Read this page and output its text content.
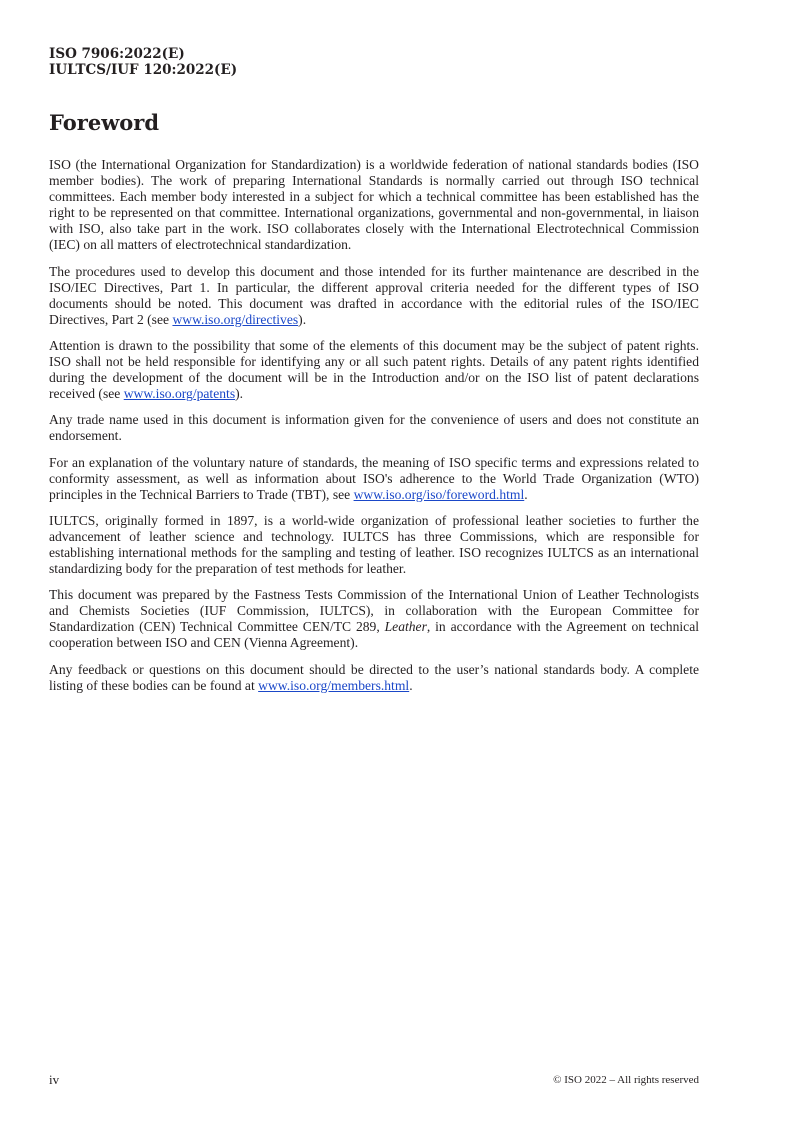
ISO 7906:2022(E)
IULTCS/IUF 120:2022(E)
Foreword

ISO (the International Organization for Standardization) is a worldwide federation of national standards bodies (ISO member bodies). The work of preparing International Standards is normally carried out through ISO technical committees. Each member body interested in a subject for which a technical committee has been established has the right to be represented on that committee. International organizations, governmental and non-governmental, in liaison with ISO, also take part in the work. ISO collaborates closely with the International Electrotechnical Commission (IEC) on all matters of electrotechnical standardization.

The procedures used to develop this document and those intended for its further maintenance are described in the ISO/IEC Directives, Part 1. In particular, the different approval criteria needed for the different types of ISO documents should be noted. This document was drafted in accordance with the editorial rules of the ISO/IEC Directives, Part 2 (see www.iso.org/directives).

Attention is drawn to the possibility that some of the elements of this document may be the subject of patent rights. ISO shall not be held responsible for identifying any or all such patent rights. Details of any patent rights identified during the development of the document will be in the Introduction and/or on the ISO list of patent declarations received (see www.iso.org/patents).

Any trade name used in this document is information given for the convenience of users and does not constitute an endorsement.

For an explanation of the voluntary nature of standards, the meaning of ISO specific terms and expressions related to conformity assessment, as well as information about ISO's adherence to the World Trade Organization (WTO) principles in the Technical Barriers to Trade (TBT), see www.iso.org/iso/foreword.html.

IULTCS, originally formed in 1897, is a world-wide organization of professional leather societies to further the advancement of leather science and technology. IULTCS has three Commissions, which are responsible for establishing international methods for the sampling and testing of leather. ISO recognizes IULTCS as an international standardizing body for the preparation of test methods for leather.

This document was prepared by the Fastness Tests Commission of the International Union of Leather Technologists and Chemists Societies (IUF Commission, IULTCS), in collaboration with the European Committee for Standardization (CEN) Technical Committee CEN/TC 289, Leather, in accordance with the Agreement on technical cooperation between ISO and CEN (Vienna Agreement).

Any feedback or questions on this document should be directed to the user’s national standards body. A complete listing of these bodies can be found at www.iso.org/members.html.

iv	© ISO 2022 – All rights reserved
